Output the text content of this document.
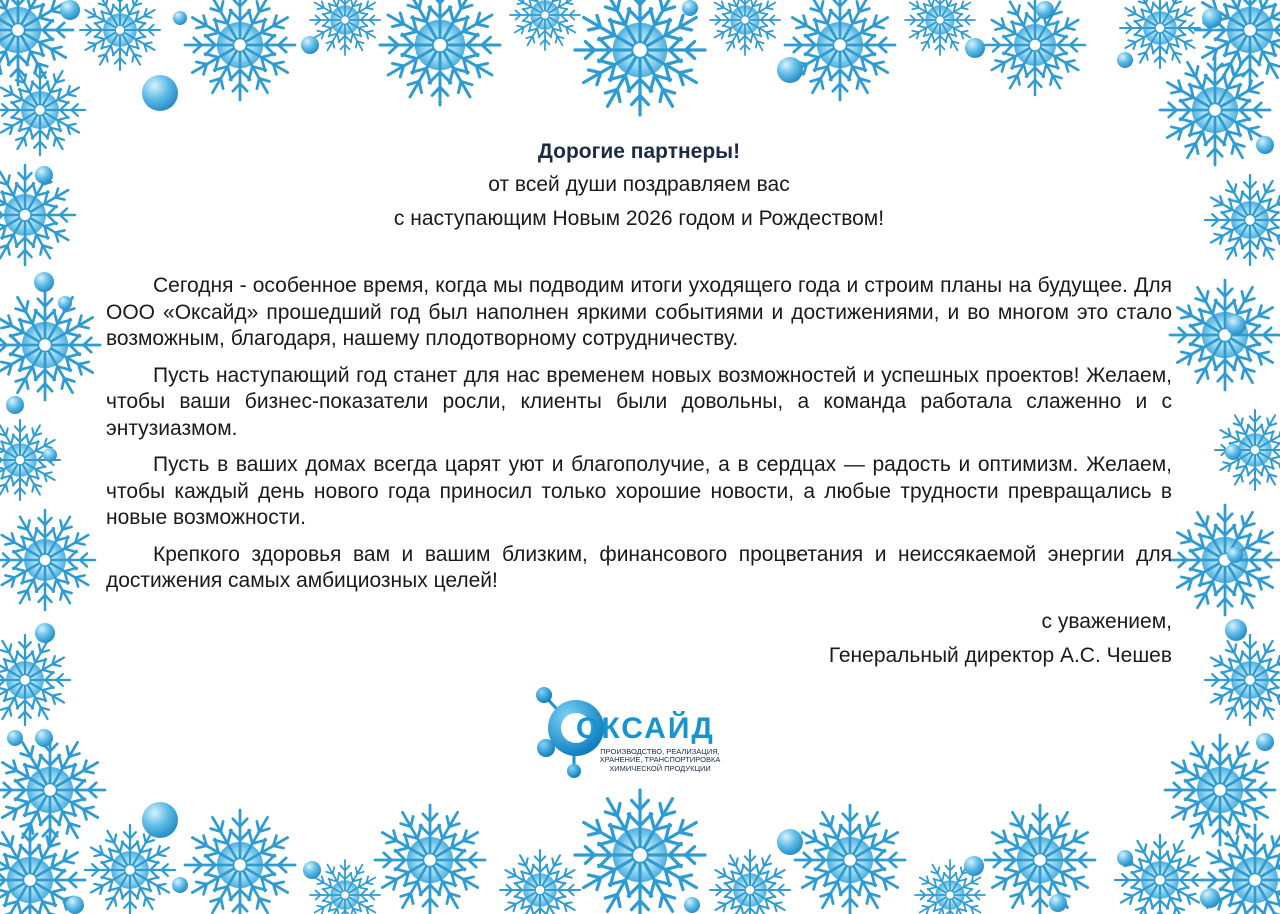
Дорогие партнеры!
от всей души поздравляем вас
с наступающим Новым 2026 годом и Рождеством!

Сегодня - особенное время, когда мы подводим итоги уходящего года и строим планы на будущее. Для ООО «Оксайд» прошедший год был наполнен яркими событиями и достижениями, и во многом это стало возможным, благодаря, нашему плодотворному сотрудничеству.

Пусть наступающий год станет для нас временем новых возможностей и успешных проектов! Желаем, чтобы ваши бизнес-показатели росли, клиенты были довольны, а команда работала слаженно и с энтузиазмом.

Пусть в ваших домах всегда царят уют и благополучие, а в сердцах — радость и оптимизм. Желаем, чтобы каждый день нового года приносил только хорошие новости, а любые трудности превращались в новые возможности.

Крепкого здоровья вам и вашим близким, финансового процветания и неиссякаемой энергии для достижения самых амбициозных целей!

с уважением,
Генеральный директор А.С. Чешев
ОКСАЙД
ПРОИЗВОДСТВО, РЕАЛИЗАЦИЯ,
ХРАНЕНИЕ, ТРАНСПОРТИРОВКА
ХИМИЧЕСКОЙ ПРОДУКЦИИ
